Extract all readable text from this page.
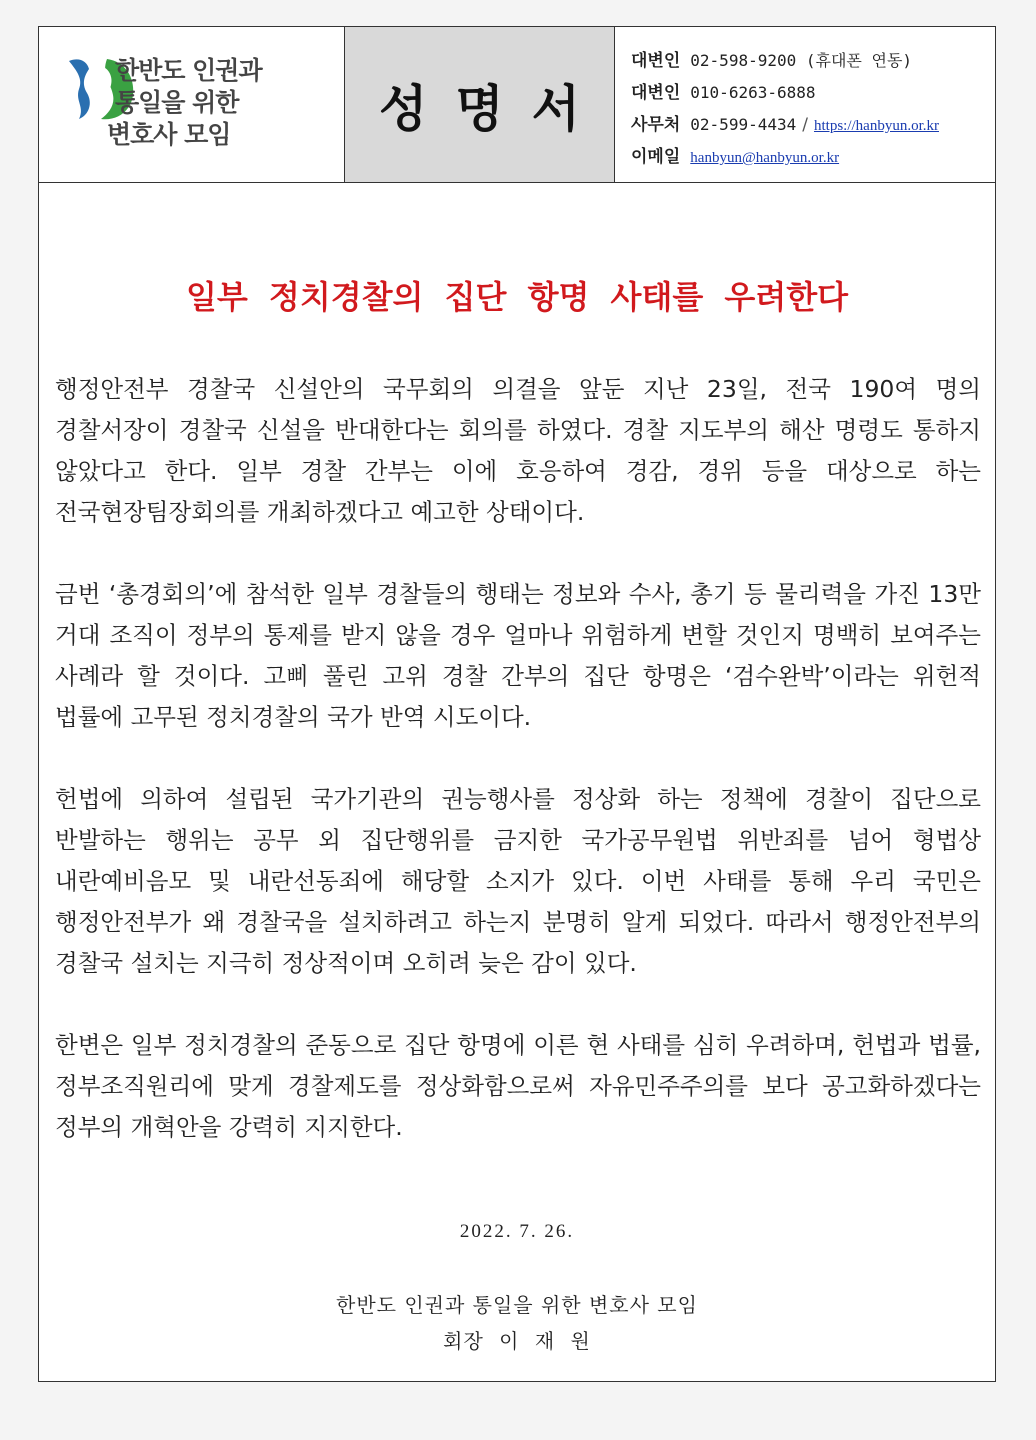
한반도 인권과
통일을 위한
변호사 모임	성명서
대변인 02-598-9200 (휴대폰 연동)
대변인 010-6263-6888
사무처 02-599-4434 / https://hanbyun.or.kr
이메일 hanbyun@hanbyun.or.kr
일부 정치경찰의 집단 항명 사태를 우려한다

행정안전부 경찰국 신설안의 국무회의 의결을 앞둔 지난 23일, 전국 190여 명의 경찰서장이 경찰국 신설을 반대한다는 회의를 하였다. 경찰 지도부의 해산 명령도 통하지 않았다고 한다. 일부 경찰 간부는 이에 호응하여 경감, 경위 등을 대상으로 하는 전국현장팀장회의를 개최하겠다고 예고한 상태이다.

금번 ‘총경회의’에 참석한 일부 경찰들의 행태는 정보와 수사, 총기 등 물리력을 가진 13만 거대 조직이 정부의 통제를 받지 않을 경우 얼마나 위험하게 변할 것인지 명백히 보여주는 사례라 할 것이다. 고삐 풀린 고위 경찰 간부의 집단 항명은 ‘검수완박’이라는 위헌적 법률에 고무된 정치경찰의 국가 반역 시도이다.

헌법에 의하여 설립된 국가기관의 권능행사를 정상화 하는 정책에 경찰이 집단으로 반발하는 행위는 공무 외 집단행위를 금지한 국가공무원법 위반죄를 넘어 형법상 내란예비음모 및 내란선동죄에 해당할 소지가 있다. 이번 사태를 통해 우리 국민은 행정안전부가 왜 경찰국을 설치하려고 하는지 분명히 알게 되었다. 따라서 행정안전부의 경찰국 설치는 지극히 정상적이며 오히려 늦은 감이 있다.

한변은 일부 정치경찰의 준동으로 집단 항명에 이른 현 사태를 심히 우려하며, 헌법과 법률, 정부조직원리에 맞게 경찰제도를 정상화함으로써 자유민주주의를 보다 공고화하겠다는 정부의 개혁안을 강력히 지지한다.

2022. 7. 26.
한반도 인권과 통일을 위한 변호사 모임
회장 이 재 원
